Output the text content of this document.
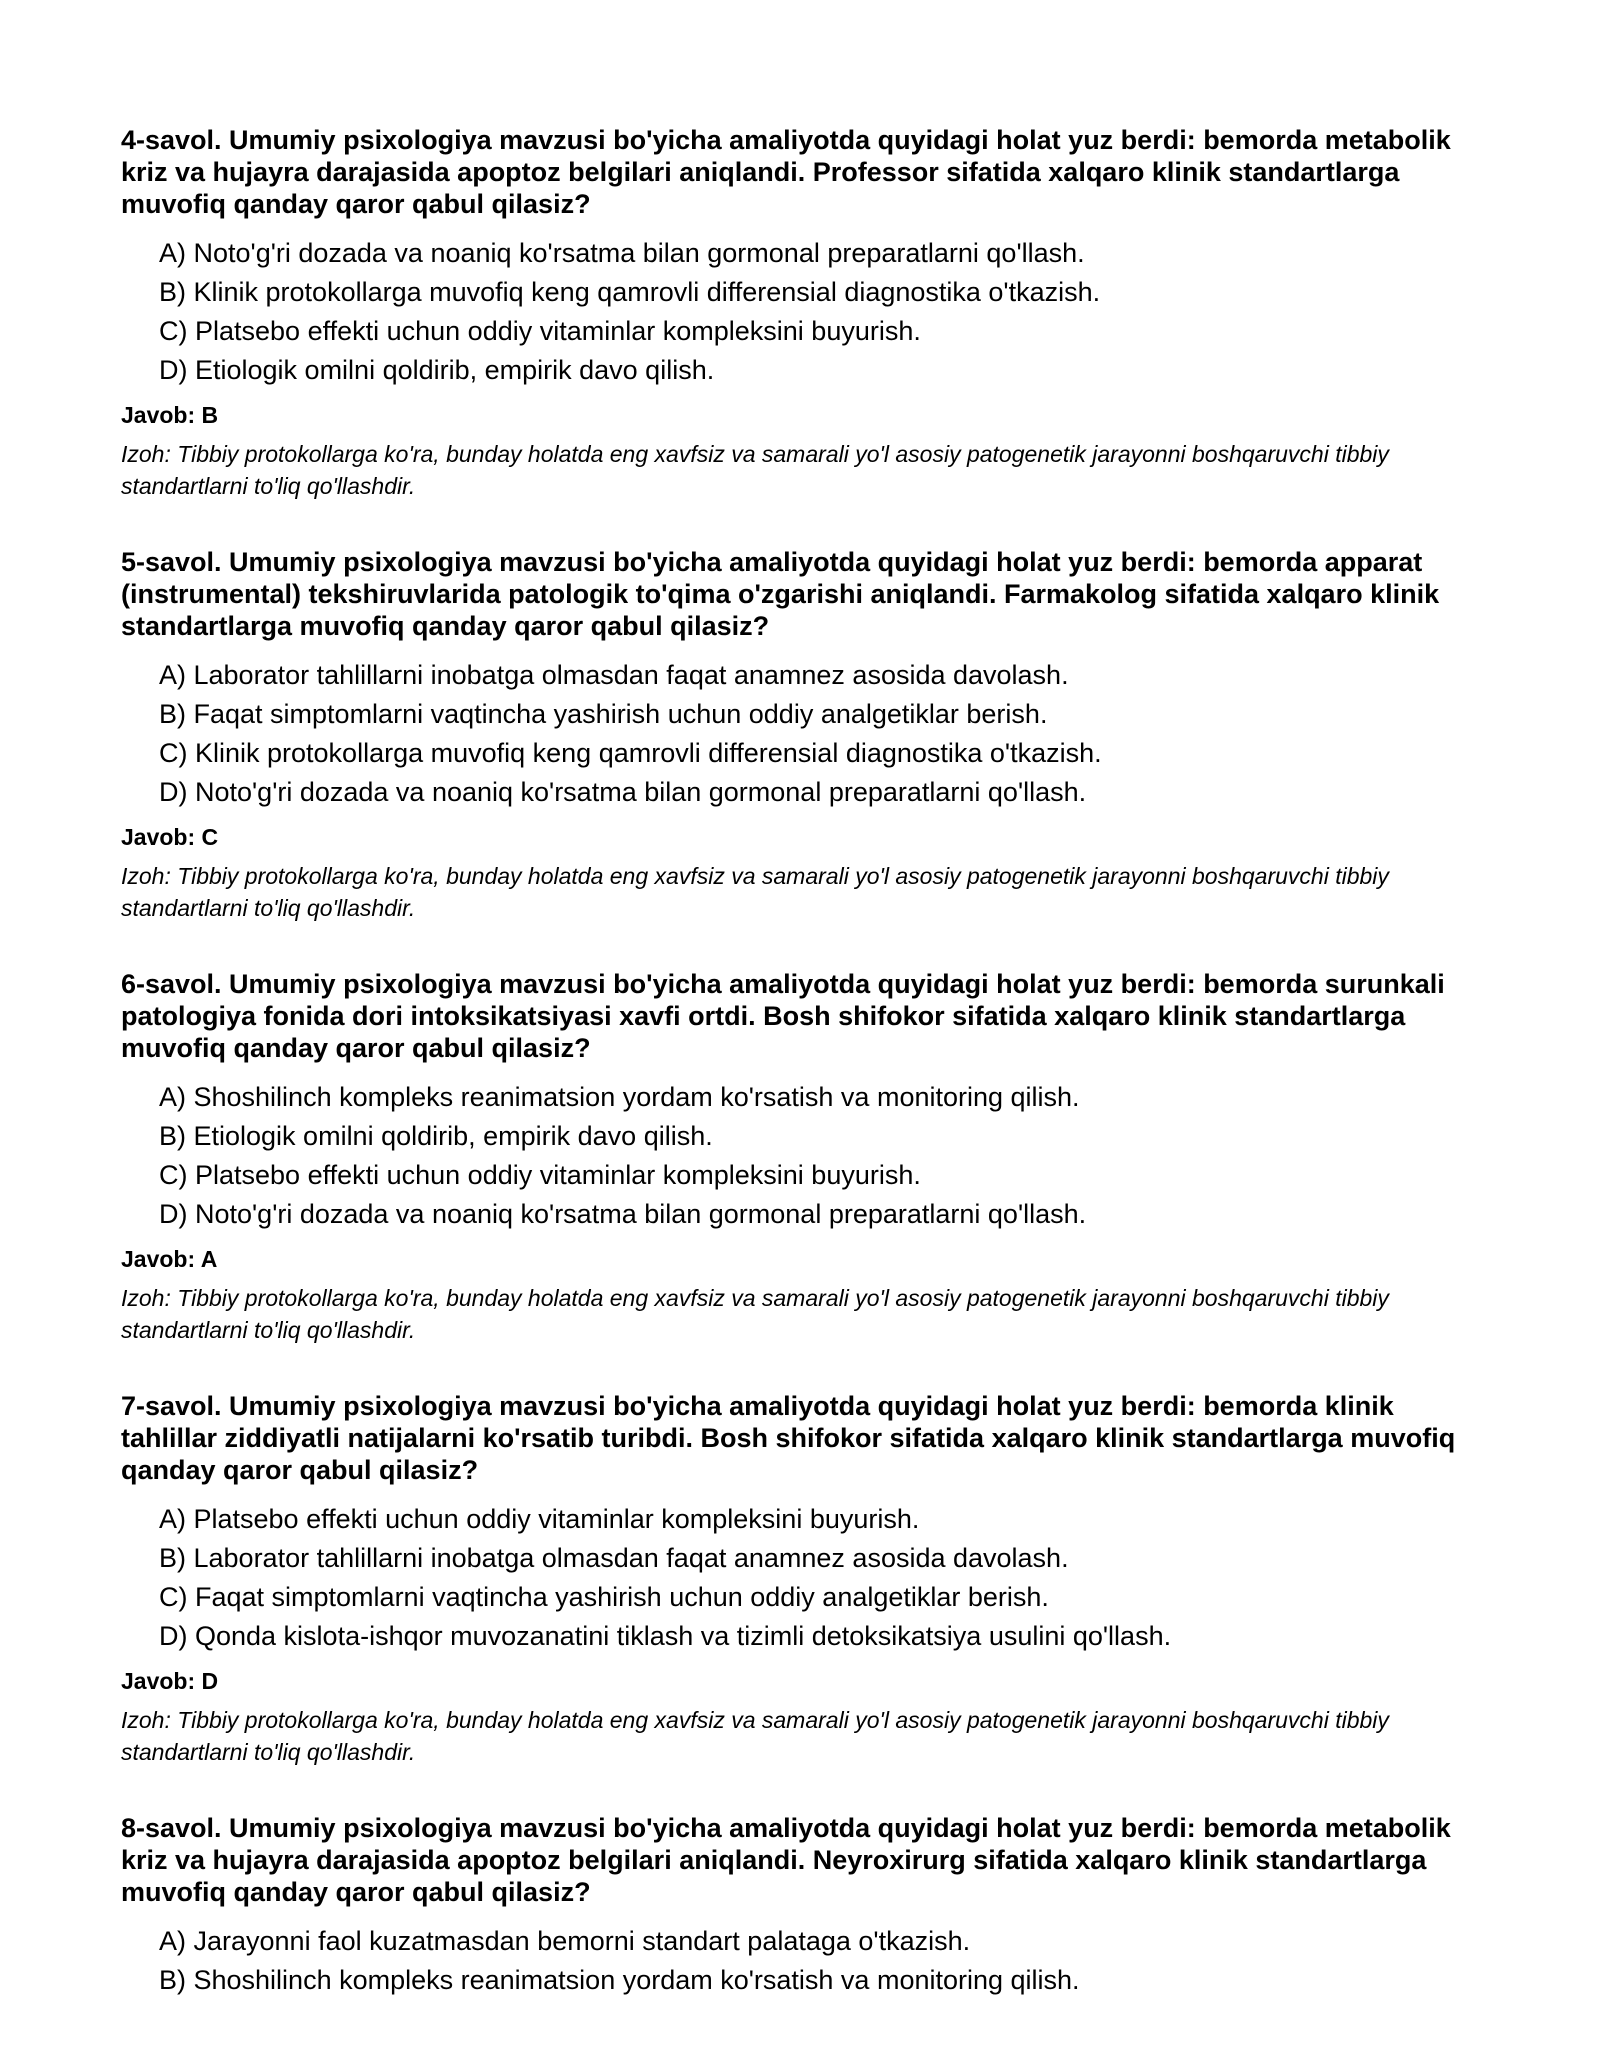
4-savol. Umumiy psixologiya mavzusi bo'yicha amaliyotda quyidagi holat yuz berdi: bemorda metabolik kriz va hujayra darajasida apoptoz belgilari aniqlandi. Professor sifatida xalqaro klinik standartlarga muvofiq qanday qaror qabul qilasiz?

A) Noto'g'ri dozada va noaniq ko'rsatma bilan gormonal preparatlarni qo'llash.
B) Klinik protokollarga muvofiq keng qamrovli differensial diagnostika o'tkazish.
C) Platsebo effekti uchun oddiy vitaminlar kompleksini buyurish.
D) Etiologik omilni qoldirib, empirik davo qilish.

Javob: B

Izoh: Tibbiy protokollarga ko'ra, bunday holatda eng xavfsiz va samarali yo'l asosiy patogenetik jarayonni boshqaruvchi tibbiy standartlarni to'liq qo'llashdir.

5-savol. Umumiy psixologiya mavzusi bo'yicha amaliyotda quyidagi holat yuz berdi: bemorda apparat (instrumental) tekshiruvlarida patologik to'qima o'zgarishi aniqlandi. Farmakolog sifatida xalqaro klinik standartlarga muvofiq qanday qaror qabul qilasiz?

A) Laborator tahlillarni inobatga olmasdan faqat anamnez asosida davolash.
B) Faqat simptomlarni vaqtincha yashirish uchun oddiy analgetiklar berish.
C) Klinik protokollarga muvofiq keng qamrovli differensial diagnostika o'tkazish.
D) Noto'g'ri dozada va noaniq ko'rsatma bilan gormonal preparatlarni qo'llash.

Javob: C

Izoh: Tibbiy protokollarga ko'ra, bunday holatda eng xavfsiz va samarali yo'l asosiy patogenetik jarayonni boshqaruvchi tibbiy standartlarni to'liq qo'llashdir.

6-savol. Umumiy psixologiya mavzusi bo'yicha amaliyotda quyidagi holat yuz berdi: bemorda surunkali patologiya fonida dori intoksikatsiyasi xavfi ortdi. Bosh shifokor sifatida xalqaro klinik standartlarga muvofiq qanday qaror qabul qilasiz?

A) Shoshilinch kompleks reanimatsion yordam ko'rsatish va monitoring qilish.
B) Etiologik omilni qoldirib, empirik davo qilish.
C) Platsebo effekti uchun oddiy vitaminlar kompleksini buyurish.
D) Noto'g'ri dozada va noaniq ko'rsatma bilan gormonal preparatlarni qo'llash.

Javob: A

Izoh: Tibbiy protokollarga ko'ra, bunday holatda eng xavfsiz va samarali yo'l asosiy patogenetik jarayonni boshqaruvchi tibbiy standartlarni to'liq qo'llashdir.

7-savol. Umumiy psixologiya mavzusi bo'yicha amaliyotda quyidagi holat yuz berdi: bemorda klinik tahlillar ziddiyatli natijalarni ko'rsatib turibdi. Bosh shifokor sifatida xalqaro klinik standartlarga muvofiq qanday qaror qabul qilasiz?

A) Platsebo effekti uchun oddiy vitaminlar kompleksini buyurish.
B) Laborator tahlillarni inobatga olmasdan faqat anamnez asosida davolash.
C) Faqat simptomlarni vaqtincha yashirish uchun oddiy analgetiklar berish.
D) Qonda kislota-ishqor muvozanatini tiklash va tizimli detoksikatsiya usulini qo'llash.

Javob: D

Izoh: Tibbiy protokollarga ko'ra, bunday holatda eng xavfsiz va samarali yo'l asosiy patogenetik jarayonni boshqaruvchi tibbiy standartlarni to'liq qo'llashdir.

8-savol. Umumiy psixologiya mavzusi bo'yicha amaliyotda quyidagi holat yuz berdi: bemorda metabolik kriz va hujayra darajasida apoptoz belgilari aniqlandi. Neyroxirurg sifatida xalqaro klinik standartlarga muvofiq qanday qaror qabul qilasiz?

A) Jarayonni faol kuzatmasdan bemorni standart palataga o'tkazish.
B) Shoshilinch kompleks reanimatsion yordam ko'rsatish va monitoring qilish.
